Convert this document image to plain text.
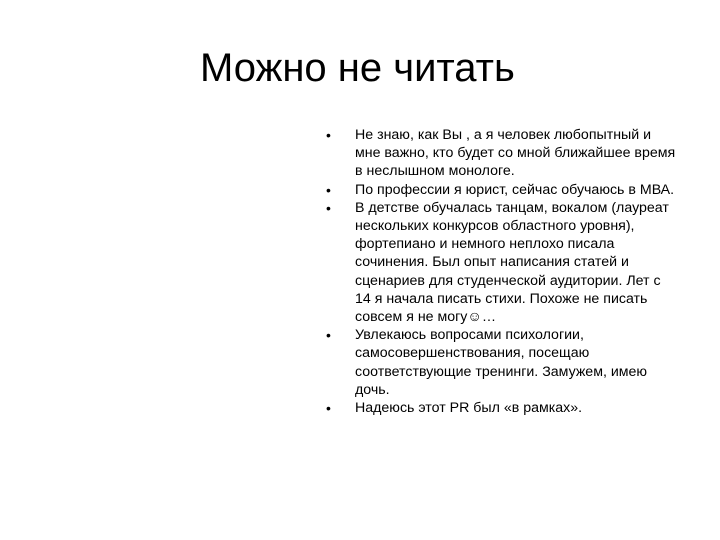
Можно не читать
•	Не знаю, как Вы , а я человек любопытный и мне важно, кто будет со мной ближайшее время в неслышном монологе.
•	По профессии я юрист, сейчас обучаюсь в МВА.
•	В детстве обучалась танцам, вокалом (лауреат нескольких конкурсов областного уровня), фортепиано и немного неплохо писала сочинения. Был опыт написания статей и сценариев для студенческой аудитории. Лет с 14 я начала писать стихи. Похоже не писать совсем я не могу☺…
•	Увлекаюсь вопросами психологии, самосовершенствования, посещаю соответствующие тренинги. Замужем, имею дочь.
•	Надеюсь этот PR был «в рамках».
